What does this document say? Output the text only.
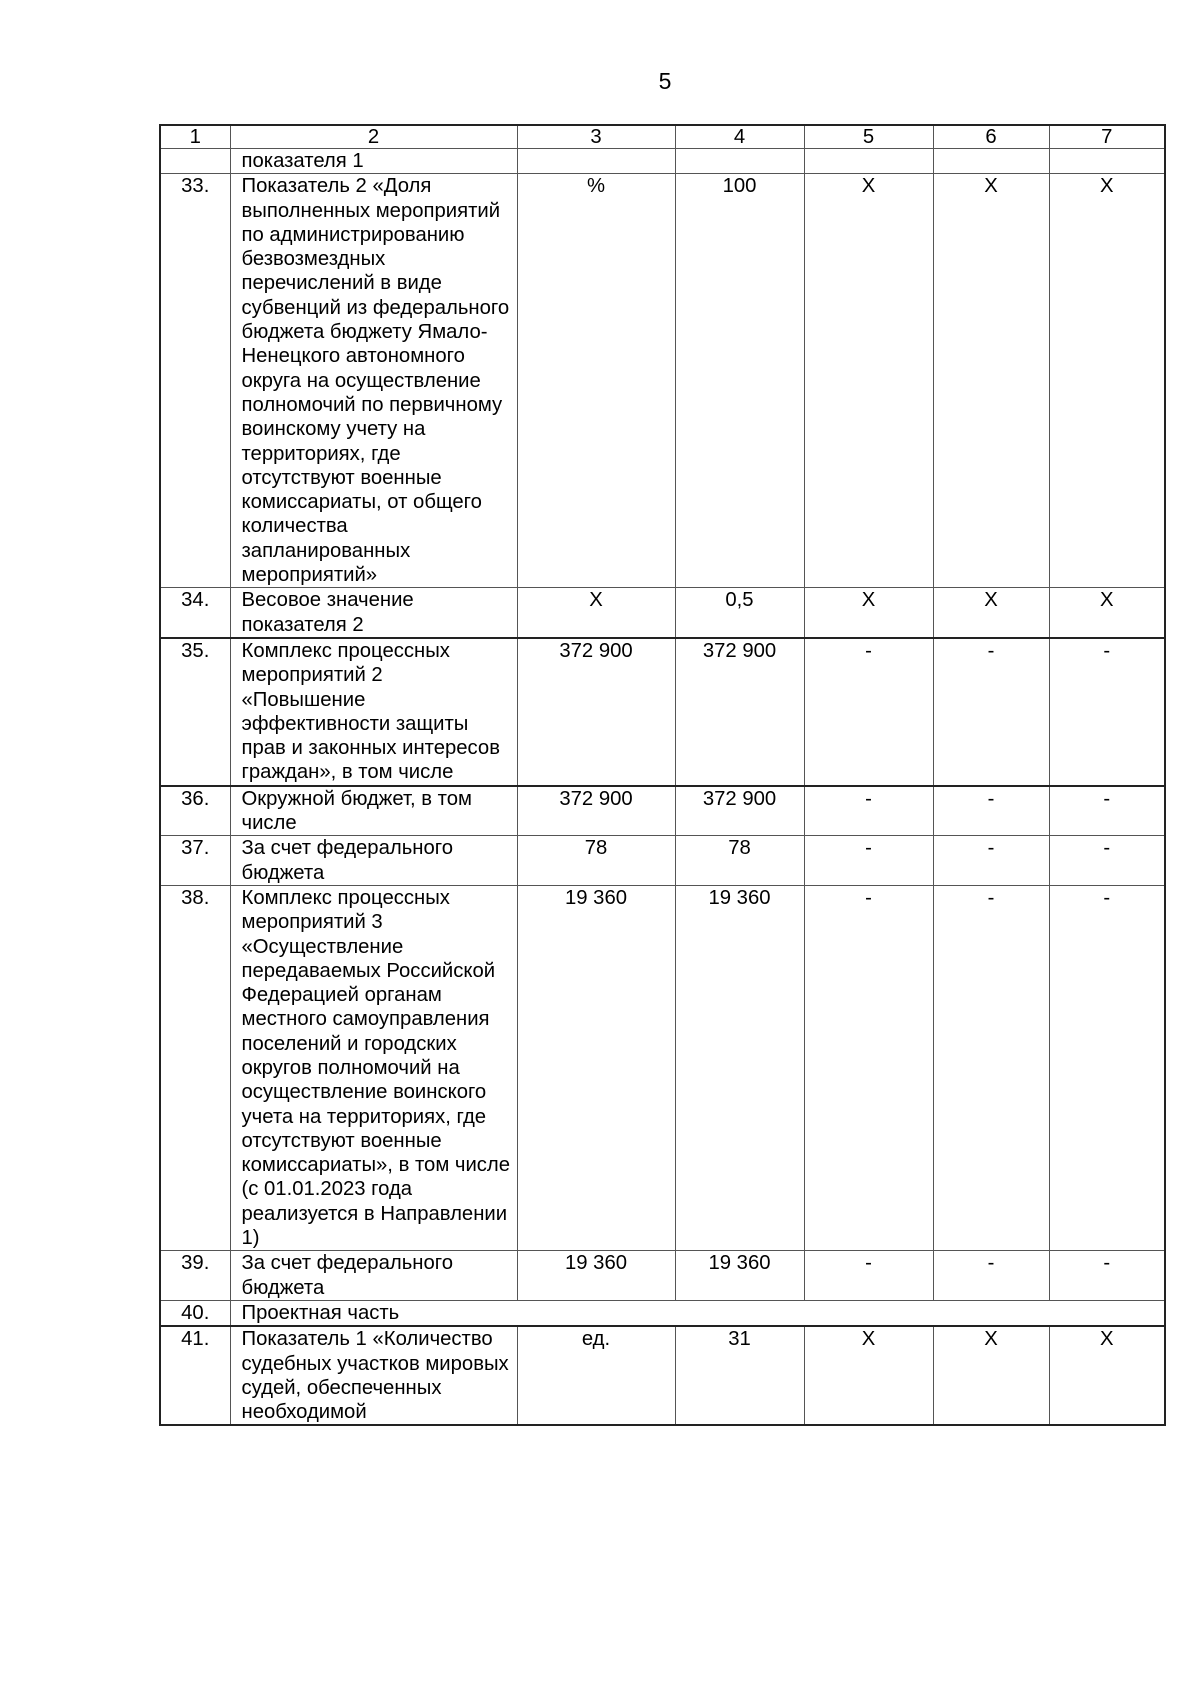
5
1	2	3	4	5	6	7
	показателя 1					
33.	Показатель 2 «Доля выполненных мероприятий по администрированию безвозмездных перечислений в виде субвенций из федерального бюджета бюджету Ямало-Ненецкого автономного округа на осуществление полномочий по первичному воинскому учету на территориях, где отсутствуют военные комиссариаты, от общего количества запланированных мероприятий»	%	100	Х	Х	Х
34.	Весовое значение показателя 2	Х	0,5	Х	Х	Х
35.	Комплекс процессных мероприятий 2 «Повышение эффективности защиты прав и законных интересов граждан», в том числе	372 900	372 900	-	-	-
36.	Окружной бюджет, в том числе	372 900	372 900	-	-	-
37.	За счет федерального бюджета	78	78	-	-	-
38.	Комплекс процессных мероприятий 3 «Осуществление передаваемых Российской Федерацией органам местного самоуправления поселений и городских округов полномочий на осуществление воинского учета на территориях, где отсутствуют военные комиссариаты», в том числе (с 01.01.2023 года реализуется в Направлении 1)	19 360	19 360	-	-	-
39.	За счет федерального бюджета	19 360	19 360	-	-	-
40.	Проектная часть					
41.	Показатель 1 «Количество судебных участков мировых судей, обеспеченных необходимой	ед.	31	Х	Х	Х
